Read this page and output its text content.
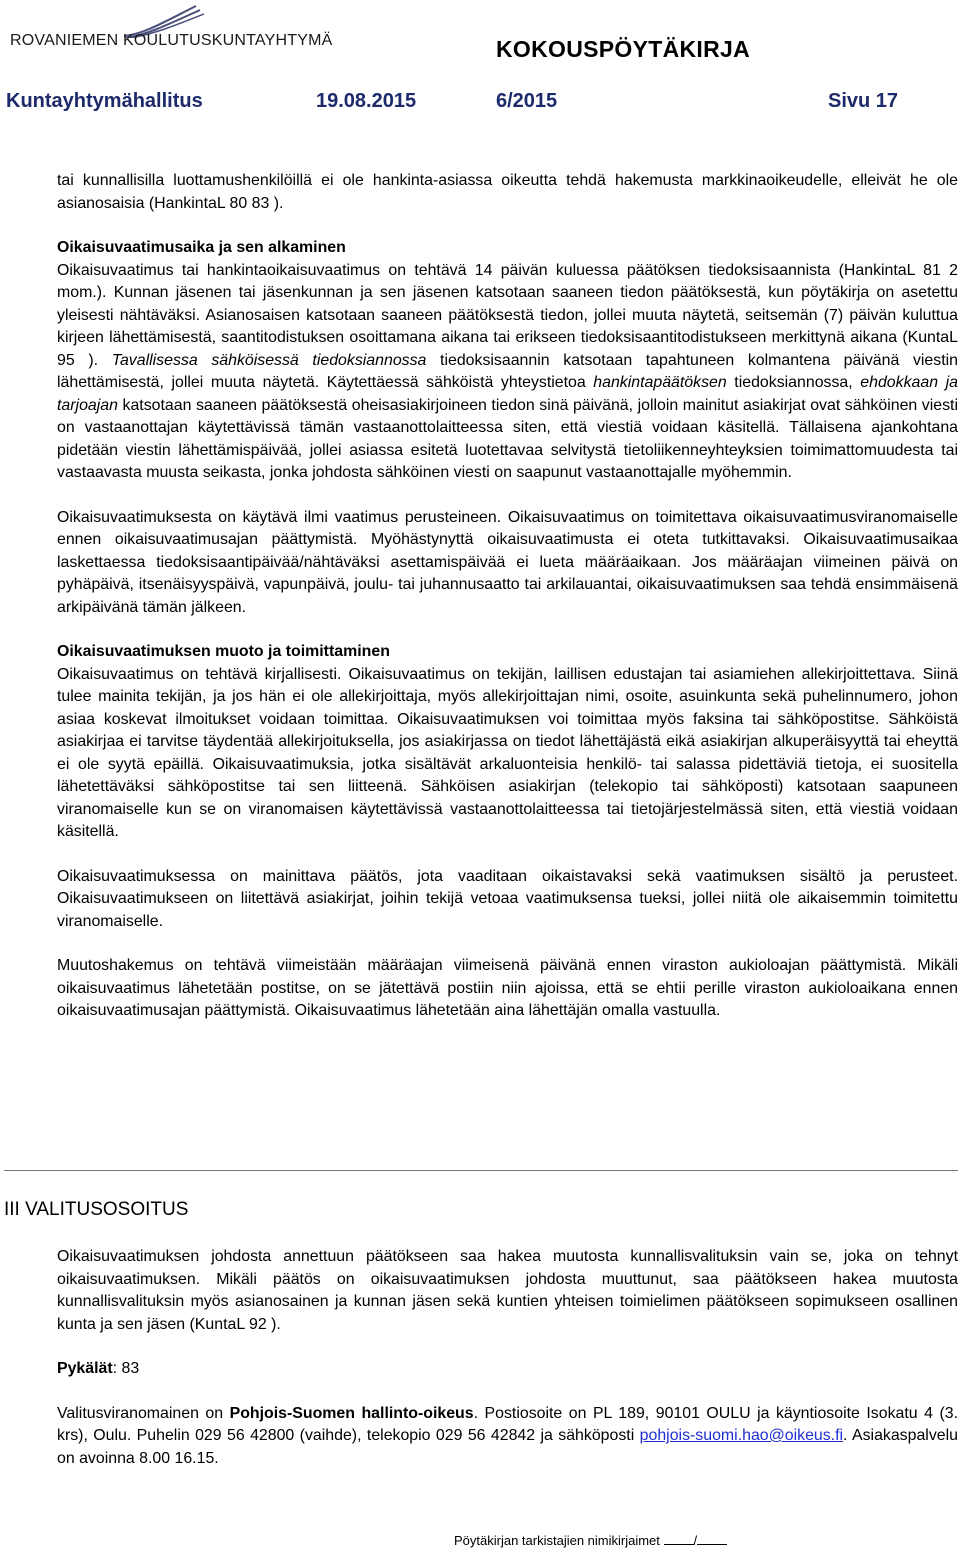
ROVANIEMEN KOULUTUSKUNTAYHTYMÄ	KOKOUSPÖYTÄKIRJA
Kuntayhtymähallitus	19.08.2015	6/2015	Sivu 17

tai kunnallisilla luottamushenkilöillä ei ole hankinta-asiassa oikeutta tehdä hakemusta markkinaoikeudelle, elleivät he ole asianosaisia (HankintaL 80 83 ).

Oikaisuvaatimusaika ja sen alkaminen

Oikaisuvaatimus tai hankintaoikaisuvaatimus on tehtävä 14 päivän kuluessa päätöksen tiedoksisaannista (HankintaL 81 2 mom.). Kunnan jäsenen tai jäsenkunnan ja sen jäsenen katsotaan saaneen tiedon päätöksestä, kun pöytäkirja on asetettu yleisesti nähtäväksi. Asianosaisen katsotaan saaneen päätöksestä tiedon, jollei muuta näytetä, seitsemän (7) päivän kuluttua kirjeen lähettämisestä, saantitodistuksen osoittamana aikana tai erikseen tiedoksisaantitodistukseen merkittynä aikana (KuntaL 95 ). Tavallisessa sähköisessä tiedoksiannossa tiedoksisaannin katsotaan tapahtuneen kolmantena päivänä viestin lähettämisestä, jollei muuta näytetä. Käytettäessä sähköistä yhteystietoa hankintapäätöksen tiedoksiannossa, ehdokkaan ja tarjoajan katsotaan saaneen päätöksestä oheisasiakirjoineen tiedon sinä päivänä, jolloin mainitut asiakirjat ovat sähköinen viesti on vastaanottajan käytettävissä tämän vastaanottolaitteessa siten, että viestiä voidaan käsitellä. Tällaisena ajankohtana pidetään viestin lähettämispäivää, jollei asiassa esitetä luotettavaa selvitystä tietoliikenneyhteyksien toimimattomuudesta tai vastaavasta muusta seikasta, jonka johdosta sähköinen viesti on saapunut vastaanottajalle myöhemmin.

Oikaisuvaatimuksesta on käytävä ilmi vaatimus perusteineen. Oikaisuvaatimus on toimitettava oikaisuvaatimusviranomaiselle ennen oikaisuvaatimusajan päättymistä. Myöhästynyttä oikaisuvaatimusta ei oteta tutkittavaksi. Oikaisuvaatimusaikaa laskettaessa tiedoksisaantipäivää/nähtäväksi asettamispäivää ei lueta määräaikaan. Jos määräajan viimeinen päivä on pyhäpäivä, itsenäisyyspäivä, vapunpäivä, joulu- tai juhannusaatto tai arkilauantai, oikaisuvaatimuksen saa tehdä ensimmäisenä arkipäivänä tämän jälkeen.

Oikaisuvaatimuksen muoto ja toimittaminen

Oikaisuvaatimus on tehtävä kirjallisesti. Oikaisuvaatimus on tekijän, laillisen edustajan tai asiamiehen allekirjoittettava. Siinä tulee mainita tekijän, ja jos hän ei ole allekirjoittaja, myös allekirjoittajan nimi, osoite, asuinkunta sekä puhelinnumero, johon asiaa koskevat ilmoitukset voidaan toimittaa. Oikaisuvaatimuksen voi toimittaa myös faksina tai sähköpostitse. Sähköistä asiakirjaa ei tarvitse täydentää allekirjoituksella, jos asiakirjassa on tiedot lähettäjästä eikä asiakirjan alkuperäisyyttä tai eheyttä ei ole syytä epäillä. Oikaisuvaatimuksia, jotka sisältävät arkaluonteisia henkilö- tai salassa pidettäviä tietoja, ei suositella lähetettäväksi sähköpostitse tai sen liitteenä. Sähköisen asiakirjan (telekopio tai sähköposti) katsotaan saapuneen viranomaiselle kun se on viranomaisen käytettävissä vastaanottolaitteessa tai tietojärjestelmässä siten, että viestiä voidaan käsitellä.

Oikaisuvaatimuksessa on mainittava päätös, jota vaaditaan oikaistavaksi sekä vaatimuksen sisältö ja perusteet. Oikaisuvaatimukseen on liitettävä asiakirjat, joihin tekijä vetoaa vaatimuksensa tueksi, jollei niitä ole aikaisemmin toimitettu viranomaiselle.

Muutoshakemus on tehtävä viimeistään määräajan viimeisenä päivänä ennen viraston aukioloajan päättymistä. Mikäli oikaisuvaatimus lähetetään postitse, on se jätettävä postiin niin ajoissa, että se ehtii perille viraston aukioloaikana ennen oikaisuvaatimusajan päättymistä. Oikaisuvaatimus lähetetään aina lähettäjän omalla vastuulla.

III VALITUSOSOITUS

Oikaisuvaatimuksen johdosta annettuun päätökseen saa hakea muutosta kunnallisvalituksin vain se, joka on tehnyt oikaisuvaatimuksen. Mikäli päätös on oikaisuvaatimuksen johdosta muuttunut, saa päätökseen hakea muutosta kunnallisvalituksin myös asianosainen ja kunnan jäsen sekä kuntien yhteisen toimielimen päätökseen sopimukseen osallinen kunta ja sen jäsen (KuntaL 92 ).

Pykälät: 83

Valitusviranomainen on Pohjois-Suomen hallinto-oikeus. Postiosoite on PL 189, 90101 OULU ja käyntiosoite Isokatu 4 (3. krs), Oulu. Puhelin 029 56 42800 (vaihde), telekopio 029 56 42842 ja sähköposti pohjois-suomi.hao@oikeus.fi. Asiakaspalvelu on avoinna 8.00 16.15.

Pöytäkirjan tarkistajien nimikirjaimet	/
